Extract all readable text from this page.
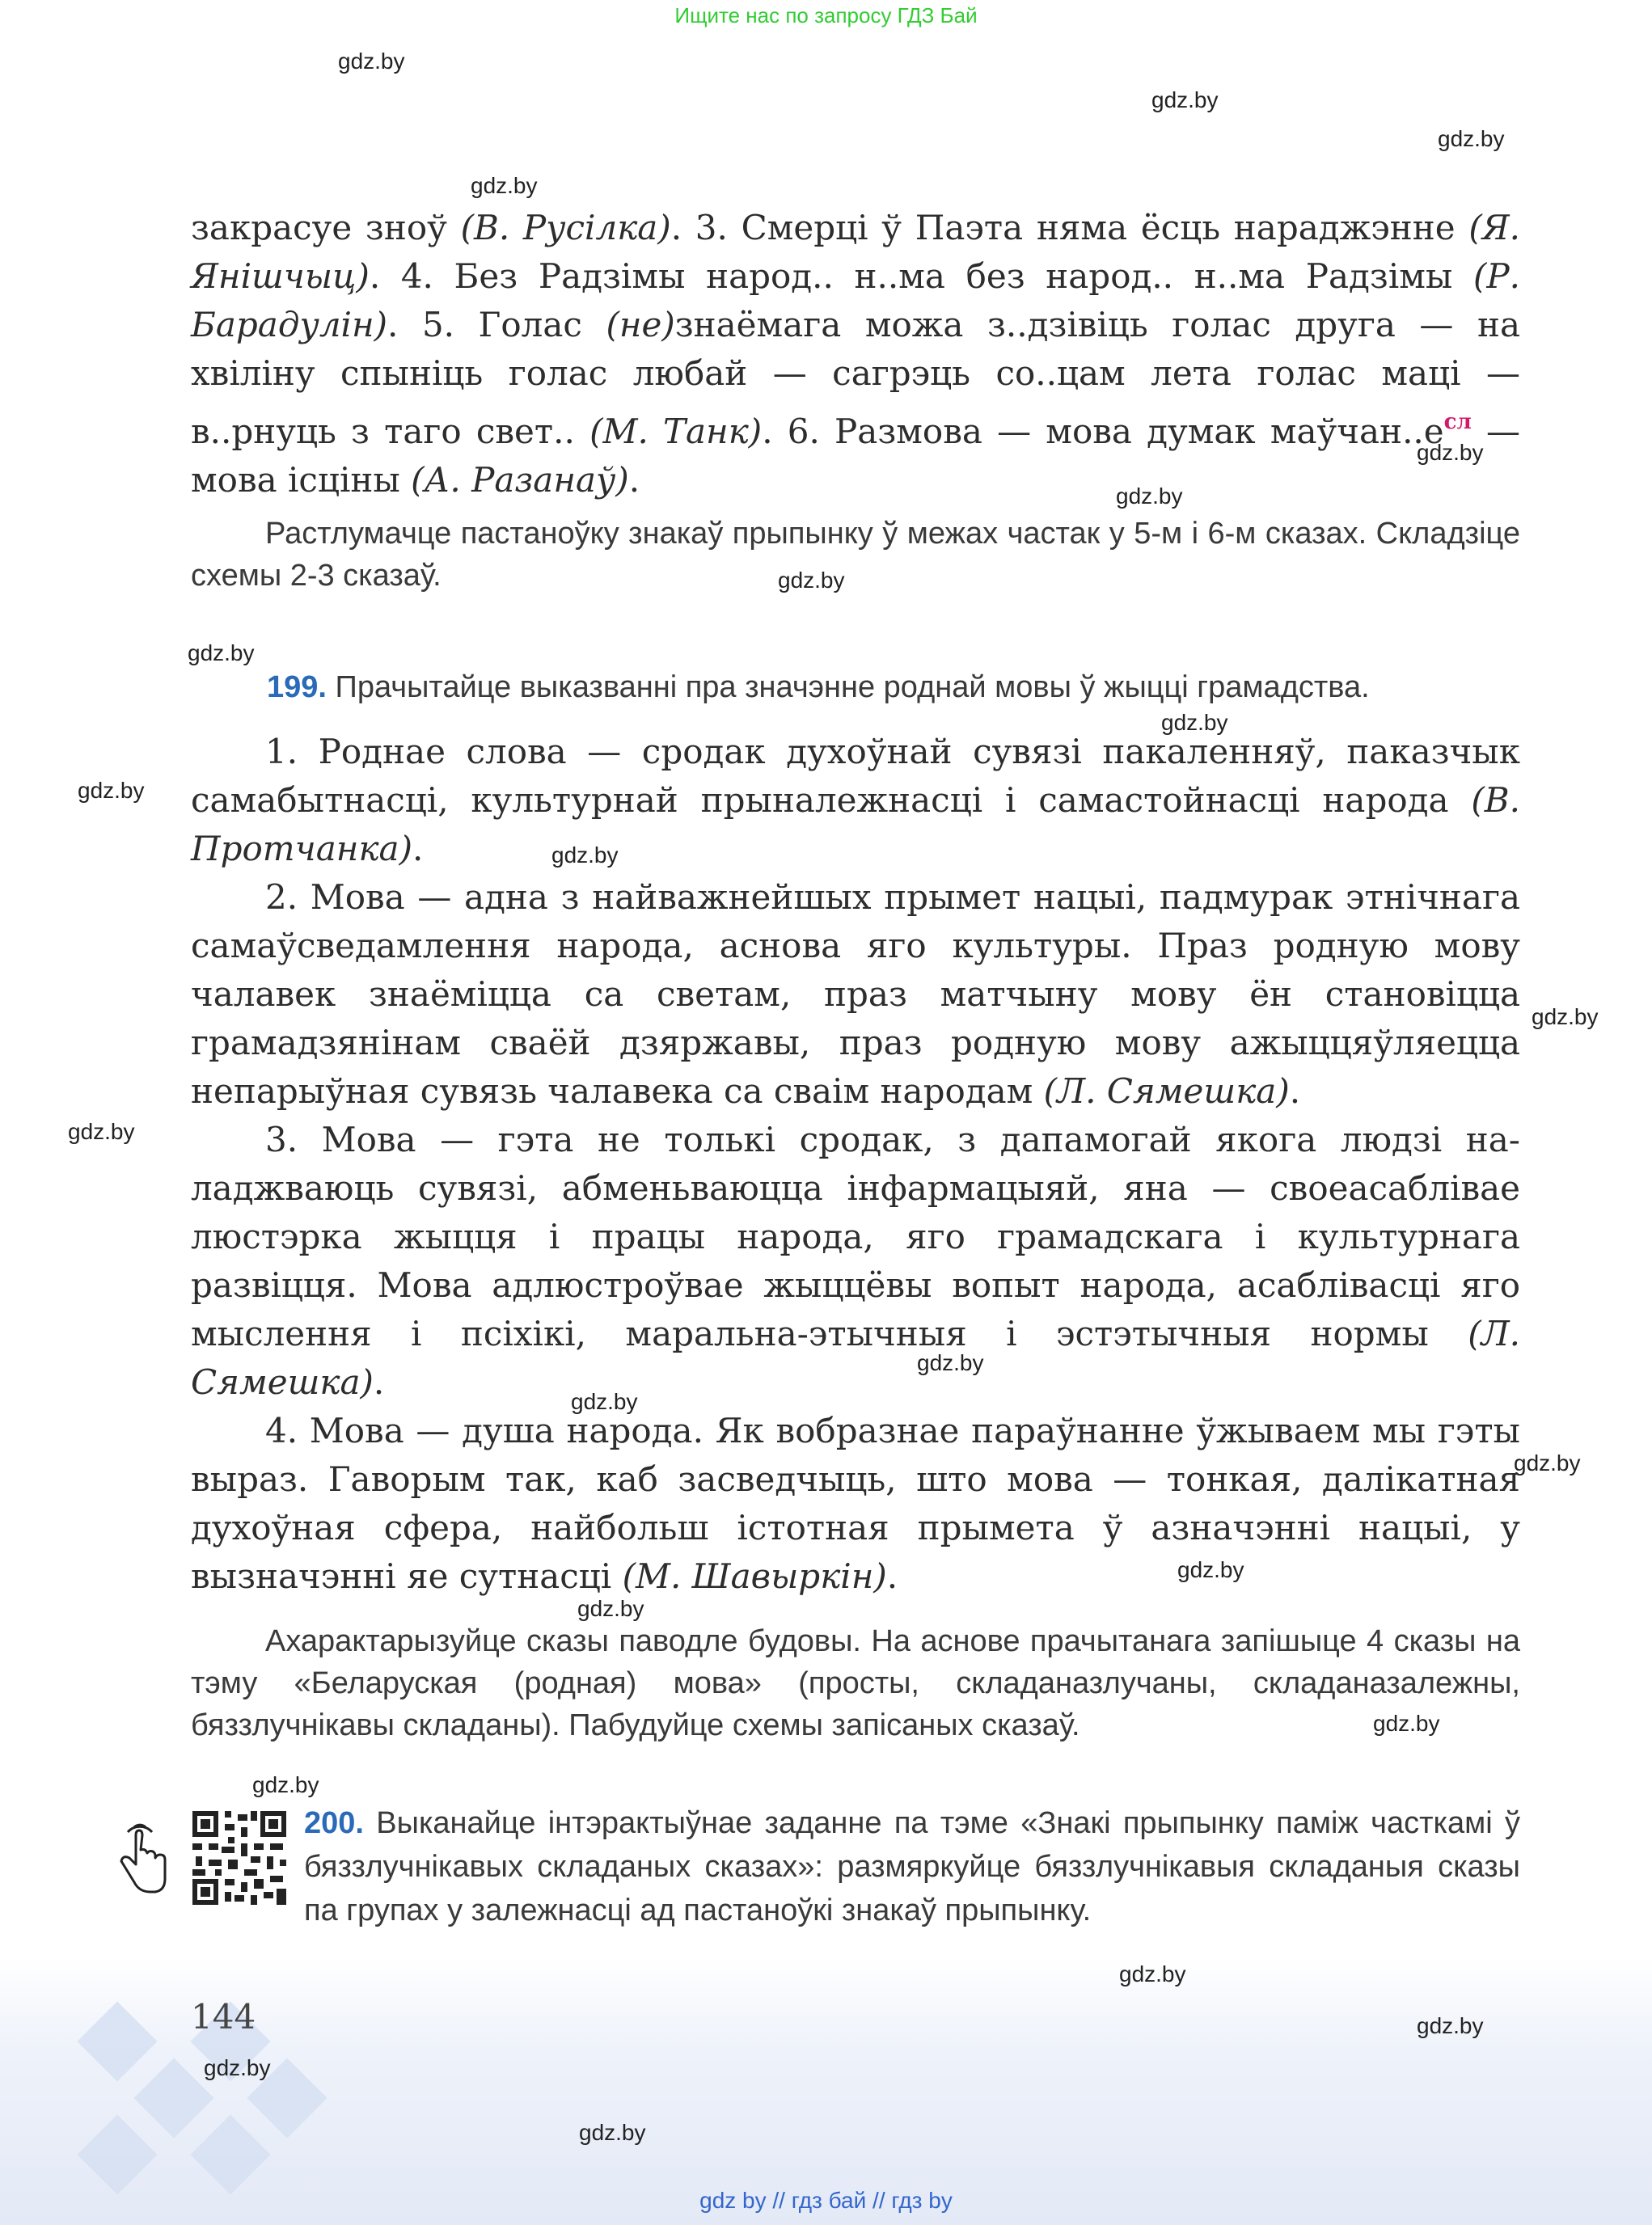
Ищите нас по запросу ГДЗ Бай
gdz.by
gdz.by
gdz.by
gdz.by
gdz.by
gdz.by
gdz.by
gdz.by
gdz.by
gdz.by
gdz.by
gdz.by
gdz.by
gdz.by
gdz.by
gdz.by
gdz.by
gdz.by
gdz.by
gdz.by
gdz.by
gdz.by
gdz.by
gdz.by

закрасуе зноў (В. Русілка). 3. Смерці ў Паэта няма ёсць нараджэнне (Я. Янішчыц). 4. Без Радзімы народ.. н..ма без народ.. н..ма Радзімы (Р. Барадулін). 5. Голас (не)знаёмага можа з..дзівіць голас друга — на хвіліну спыніць голас любай — сагрэць со..цам лета голас маці — в..рнуць з таго свет.. (М. Танк). 6. Размова — мова думак $маўчан..е^{сл}$ — мова ісціны (А. Разанаў).

Растлумачце пастаноўку знакаў прыпынку ў межах частак у 5-м і 6-м сказах. Складзіце схемы 2-3 сказаў.
199. Прачытайце выказванні пра значэнне роднай мовы ў жыцці грамадства.

1. Роднае слова — сродак духоўнай сувязі пакаленняў, паказчык самабытнасці, культурнай прыналежнасці і самастойнасці народа (В. Протчанка).

2. Мова — адна з найважнейшых прымет нацыі, падмурак этнічнага самаўсведамлення народа, аснова яго культуры. Праз родную мову чалавек знаёміцца са светам, праз матчыну мову ён становіцца грамадзянінам сваёй дзяржавы, праз родную мову ажыццяўляецца непарыўная сувязь чалавека са сваім народам (Л. Сямешка).

3. Мова — гэта не толькі сродак, з дапамогай якога людзі наладжваюць сувязі, абменьваюцца інфармацыяй, яна — своеасаблівае люстэрка жыцця і працы народа, яго грамадскага і культурнага развіцця. Мова адлюстроўвае жыццёвы вопыт народа, асаблівасці яго мыслення і псіхікі, маральна-этычныя і эстэтычныя нормы (Л. Сямешка).

4. Мова — душа народа. Як вобразнае параўнанне ўжываем мы гэты выраз. Гаворым так, каб засведчыць, што мова — тонкая, далікатная духоўная сфера, найбольш істотная прымета ў азначэнні нацыі, у вызначэнні яе сутнасці (М. Шавыркін).

Ахарактарызуйце сказы паводле будовы. На аснове прачытанага запішыце 4 сказы на тэму «Беларуская (родная) мова» (просты, складаназлучаны, складаназалежны, бяззлучнікавы складаны). Пабудуйце схемы запісаных сказаў.
200. Выканайце інтэрактыўнае заданне па тэме «Знакі прыпынку паміж часткамі ў бяззлучнікавых складаных сказах»: размяркуйце бяззлучнікавыя складаныя сказы па групах у залежнасці ад пастаноўкі знакаў прыпынку.
144
gdz by // гдз бай // гдз by
